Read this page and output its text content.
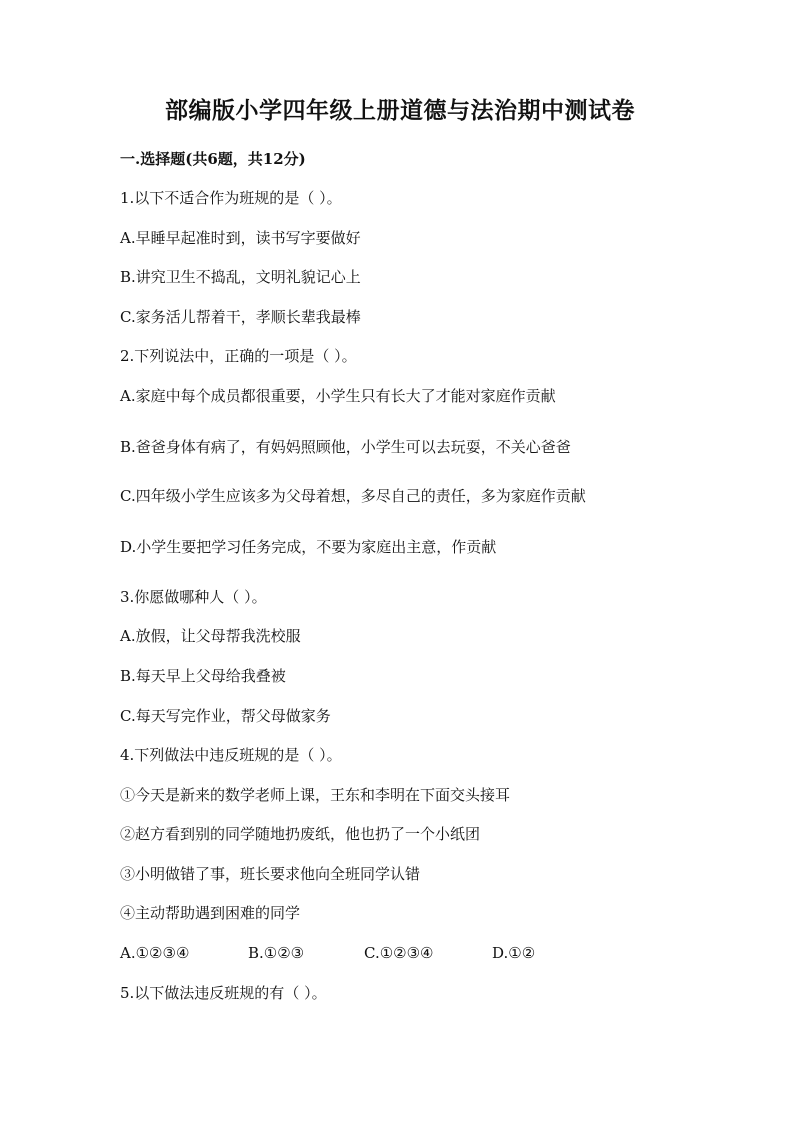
部编版小学四年级上册道德与法治期中测试卷
一.选择题(共6题，共12分)
1.以下不适合作为班规的是（ ）。
A.早睡早起准时到，读书写字要做好
B.讲究卫生不捣乱，文明礼貌记心上
C.家务活儿帮着干，孝顺长辈我最棒
2.下列说法中，正确的一项是（ ）。
A.家庭中每个成员都很重要，小学生只有长大了才能对家庭作贡献
B.爸爸身体有病了，有妈妈照顾他，小学生可以去玩耍，不关心爸爸
C.四年级小学生应该多为父母着想，多尽自己的责任，多为家庭作贡献
D.小学生要把学习任务完成，不要为家庭出主意，作贡献
3.你愿做哪种人（ ）。
A.放假，让父母帮我洗校服
B.每天早上父母给我叠被
C.每天写完作业，帮父母做家务
4.下列做法中违反班规的是（ ）。
①今天是新来的数学老师上课，王东和李明在下面交头接耳
②赵方看到别的同学随地扔废纸，他也扔了一个小纸团
③小明做错了事，班长要求他向全班同学认错
④主动帮助遇到困难的同学
A.①②③④	B.①②③	C.①②③④	D.①②
5.以下做法违反班规的有（ ）。
